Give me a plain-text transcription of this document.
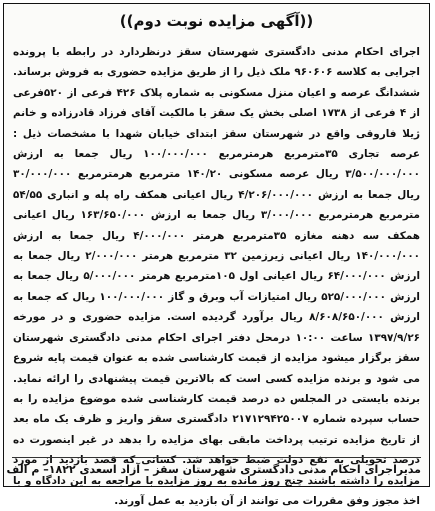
((آگهی مزایده نوبت دوم))
اجرای احکام مدنی دادگستری شهرستان سقز درنظردارد در رابطه با پرونده اجرایی به کلاسه ۹۶۰۶۰۶ ملک ذیل را از طریق مزایده حضوری به فروش برساند. ششدانگ عرصه و اعیان منزل مسکونی به شماره پلاک ۴۲۶ فرعی از ۵۲۰فرعی از ۴ فرعی از ۱۷۳۸ اصلی بخش یک سقز با مالکیت آقای فرزاد قادرزاده و خانم ژیلا فاروقی واقع در شهرستان سقز ابتدای خیابان شهدا با مشخصات ذیل : عرصه تجاری ۳۵مترمربع هرمترمربع ۱۰۰/۰۰۰/۰۰۰ ریال جمعا به ارزش ۳/۵۰۰/۰۰۰/۰۰۰ ریال عرصه مسکونی ۱۴۰/۲۰ مترمربع هرمترمربع ۳۰/۰۰۰/۰۰۰ ریال جمعا به ارزش ۴/۲۰۶/۰۰۰/۰۰۰ ریال اعیانی همکف راه پله و انباری ۵۴/۵۵ مترمربع هرمترمربع ۳/۰۰۰/۰۰۰ ریال جمعا به ارزش ۱۶۳/۶۵۰/۰۰۰ ریال اعیانی همکف سه دهنه مغازه ۳۵مترمربع هرمتر ۴/۰۰۰/۰۰۰ ریال جمعا به ارزش ۱۴۰/۰۰۰/۰۰۰ ریال اعیانی زیرزمین ۳۲ مترمربع هرمتر ۲/۰۰۰/۰۰۰ ریال جمعا به ارزش ۶۴/۰۰۰/۰۰۰ ریال اعیانی اول ۱۰۵مترمربع هرمتر ۵/۰۰۰/۰۰۰ ریال جمعا به ارزش ۵۲۵/۰۰۰/۰۰۰ ریال امتیازات آب وبرق و گاز ۱۰۰/۰۰۰/۰۰۰ ریال که جمعا به ارزش ۸/۶۰۸/۶۵۰/۰۰۰ ریال برآورد گردیده است. مزایده حضوری و در مورخه ۱۳۹۷/۹/۲۶ ساعت ۱۰:۰۰ درمحل دفتر اجرای احکام مدنی دادگستری شهرستان سقز برگزار میشود مزایده از قیمت کارشناسی شده به عنوان قیمت پایه شروع می شود و برنده مزایده کسی است که بالاترین قیمت پیشنهادی را ارائه نماید. برنده بایستی در المجلس ده درصد قیمت کارشناسی شده موضوع مزایده را به حساب سپرده شماره ۲۱۷۱۲۹۴۲۵۰۰۷ دادگستری سقز واریز و ظرف یک ماه بعد از تاریخ مزایده ترتیب پرداخت مابقی بهای مزایده را بدهد در غیر اینصورت ده درصد تحویلی به نفع دولت ضبط خواهد شد. کسانی که قصد بازدید از مورد مزایده را داشته باشند چنج روز مانده به روز مزایده با مراجعه به این دادگاه و با اخذ مجوز وفق مقررات می توانند از آن بازدید به عمل آورند.
مدیراجرای احکام مدنی دادگستری شهرستان سقز – آزاد اسعدی ۱۸۲۲– م الف
